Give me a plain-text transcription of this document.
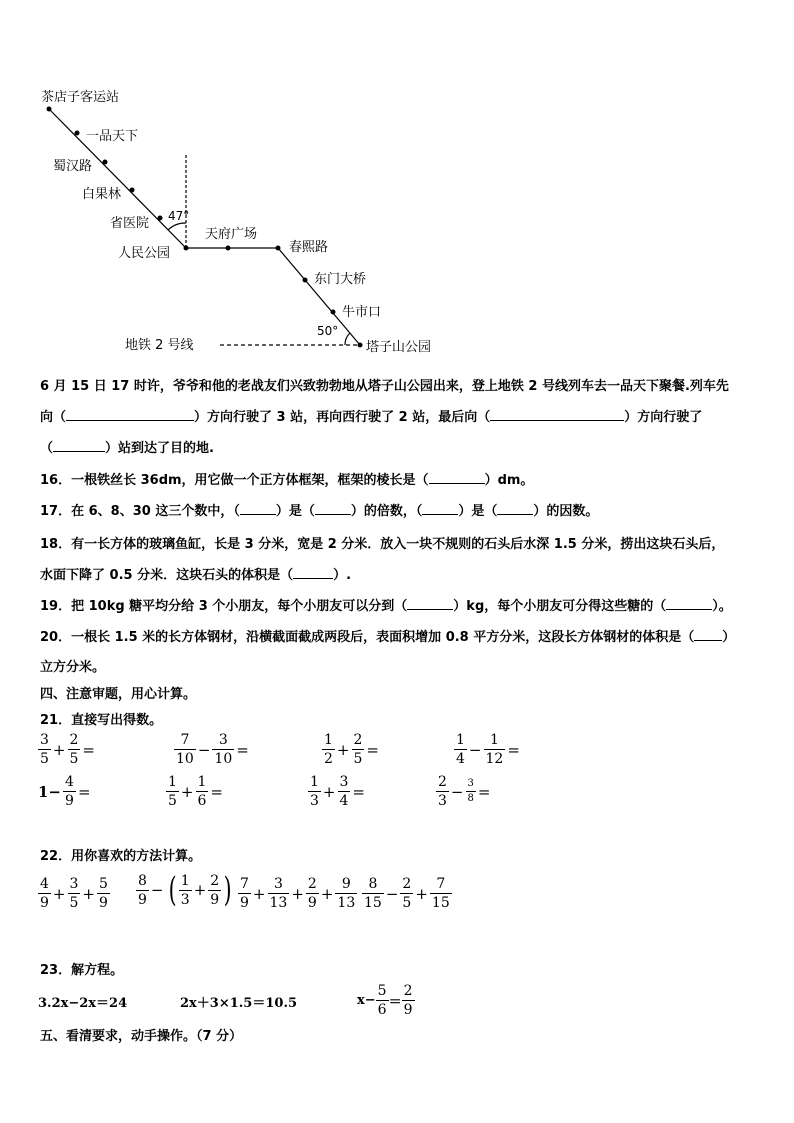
茶店子客运站
一品天下
蜀汉路
白果林
省医院 47°
人民公园
天府广场
春熙路
东门大桥
牛市口
50°
地铁 2 号线	塔子山公园
6 月 15 日 17 时许，爷爷和他的老战友们兴致勃勃地从塔子山公园出来，登上地铁 2 号线列车去一品天下聚餐.列车先
向（	）方向行驶了 3 站，再向西行驶了 2 站，最后向（	）方向行驶了
（	）站到达了目的地.
16．一根铁丝长 36dm，用它做一个正方体框架，框架的棱长是（	）dm。
17．在 6、8、30 这三个数中，（	）是（	）的倍数，（	）是（	）的因数。
18．有一长方体的玻璃鱼缸，长是 3 分米，宽是 2 分米．放入一块不规则的石头后水深 1.5 分米，捞出这块石头后，
水面下降了 0.5 分米．这块石头的体积是（	）.
19．把 10kg 糖平均分给 3 个小朋友，每个小朋友可以分到（	）kg，每个小朋友可分得这些糖的（	）。
20．一根长 1.5 米的长方体钢材，沿横截面截成两段后，表面积增加 0.8 平方分米，这段长方体钢材的体积是（ ）
立方分米。
四、注意审题，用心计算。
21．直接写出得数。
$\frac{3}{5} + \frac{2}{5}$ =	$\frac{7}{10} - \frac{3}{10}$ =	$\frac{1}{2} + \frac{2}{5}$ =	$\frac{1}{4} - \frac{1}{12}$ =
$1- \frac{4}{9}$ =	$\frac{1}{5} + \frac{1}{6}$ =	$\frac{1}{3} + \frac{3}{4}$ =	$\frac{2}{3} - \frac{3}{8}$ =
22．用你喜欢的方法计算。
$\frac{4}{9} + \frac{3}{5} + \frac{5}{9} \frac{8}{9}$ − ( $\frac{1}{3} + \frac{2}{9}$ ) $\frac{7}{9} + \frac{3}{13} + \frac{2}{9} + \frac{9}{13} \frac{8}{15} - \frac{2}{5} + \frac{7}{15}$
23．解方程。
3.2x−2x＝24	2x＋3×1.5＝10.5	$x- \frac{5}{6} = \frac{2}{9}$
五、看清要求，动手操作。（7 分）
